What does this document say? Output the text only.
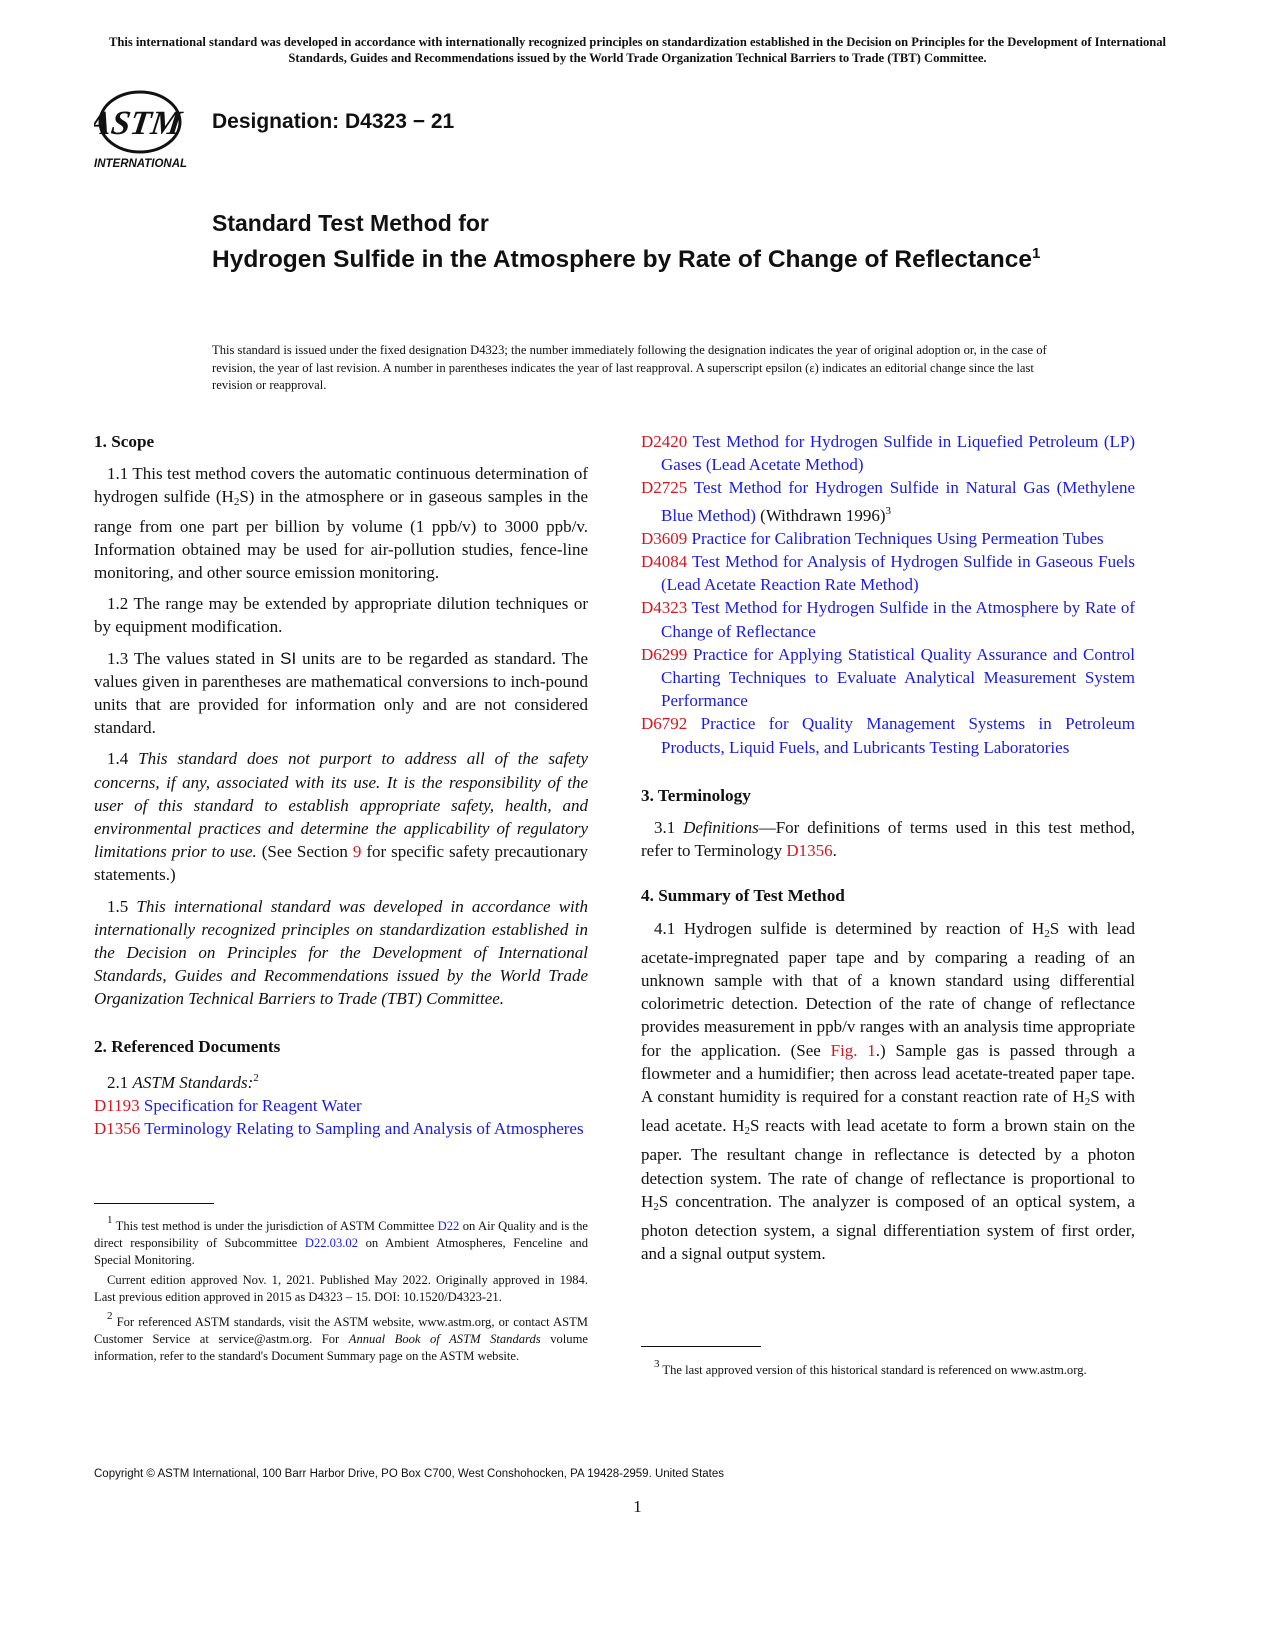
This international standard was developed in accordance with internationally recognized principles on standardization established in the Decision on Principles for the Development of International Standards, Guides and Recommendations issued by the World Trade Organization Technical Barriers to Trade (TBT) Committee.
ASTM
INTERNATIONAL
Designation: D4323 − 21
Standard Test Method for
Hydrogen Sulfide in the Atmosphere by Rate of Change of Reflectance$^1$
This standard is issued under the fixed designation D4323; the number immediately following the designation indicates the year of original adoption or, in the case of revision, the year of last revision. A number in parentheses indicates the year of last reapproval. A superscript epsilon (ε) indicates an editorial change since the last revision or reapproval.
1. Scope

1.1 This test method covers the automatic continuous determination of hydrogen sulfide $(H_2S)$ in the atmosphere or in gaseous samples in the range from one part per billion by volume (1 ppb/v) to 3000 ppb/v. Information obtained may be used for air-pollution studies, fence-line monitoring, and other source emission monitoring.

1.2 The range may be extended by appropriate dilution techniques or by equipment modification.

1.3 The values stated in SI units are to be regarded as standard. The values given in parentheses are mathematical conversions to inch-pound units that are provided for information only and are not considered standard.

1.4 This standard does not purport to address all of the safety concerns, if any, associated with its use. It is the responsibility of the user of this standard to establish appropriate safety, health, and environmental practices and determine the applicability of regulatory limitations prior to use. (See Section 9 for specific safety precautionary statements.)

1.5 This international standard was developed in accordance with internationally recognized principles on standardization established in the Decision on Principles for the Development of International Standards, Guides and Recommendations issued by the World Trade Organization Technical Barriers to Trade (TBT) Committee.

2. Referenced Documents

2.1 ASTM Standards:$^2$

D1193 Specification for Reagent Water

D1356 Terminology Relating to Sampling and Analysis of Atmospheres

1 This test method is under the jurisdiction of ASTM Committee D22 on Air Quality and is the direct responsibility of Subcommittee D22.03.02 on Ambient Atmospheres, Fenceline and Special Monitoring.

Current edition approved Nov. 1, 2021. Published May 2022. Originally approved in 1984. Last previous edition approved in 2015 as D4323 – 15. DOI: 10.1520/D4323-21.

2 For referenced ASTM standards, visit the ASTM website, www.astm.org, or contact ASTM Customer Service at service@astm.org. For Annual Book of ASTM Standards volume information, refer to the standard's Document Summary page on the ASTM website.

D2420 Test Method for Hydrogen Sulfide in Liquefied Petroleum (LP) Gases (Lead Acetate Method)

D2725 Test Method for Hydrogen Sulfide in Natural Gas (Methylene Blue Method) (Withdrawn 1996)$^3$

D3609 Practice for Calibration Techniques Using Permeation Tubes

D4084 Test Method for Analysis of Hydrogen Sulfide in Gaseous Fuels (Lead Acetate Reaction Rate Method)

D4323 Test Method for Hydrogen Sulfide in the Atmosphere by Rate of Change of Reflectance

D6299 Practice for Applying Statistical Quality Assurance and Control Charting Techniques to Evaluate Analytical Measurement System Performance

D6792 Practice for Quality Management Systems in Petroleum Products, Liquid Fuels, and Lubricants Testing Laboratories

3. Terminology

3.1 Definitions—For definitions of terms used in this test method, refer to Terminology D1356.

4. Summary of Test Method

4.1 Hydrogen sulfide is determined by reaction of $H_2S$ with lead acetate-impregnated paper tape and by comparing a reading of an unknown sample with that of a known standard using differential colorimetric detection. Detection of the rate of change of reflectance provides measurement in ppb/v ranges with an analysis time appropriate for the application. (See Fig. 1.) Sample gas is passed through a flowmeter and a humidifier; then across lead acetate-treated paper tape. A constant humidity is required for a constant reaction rate of $H_2S$ with lead acetate. $H_2S$ reacts with lead acetate to form a brown stain on the paper. The resultant change in reflectance is detected by a photon detection system. The rate of change of reflectance is proportional to $H_2S$ concentration. The analyzer is composed of an optical system, a photon detection system, a signal differentiation system of first order, and a signal output system.

3 The last approved version of this historical standard is referenced on www.astm.org.

Copyright © ASTM International, 100 Barr Harbor Drive, PO Box C700, West Conshohocken, PA 19428-2959. United States
1
